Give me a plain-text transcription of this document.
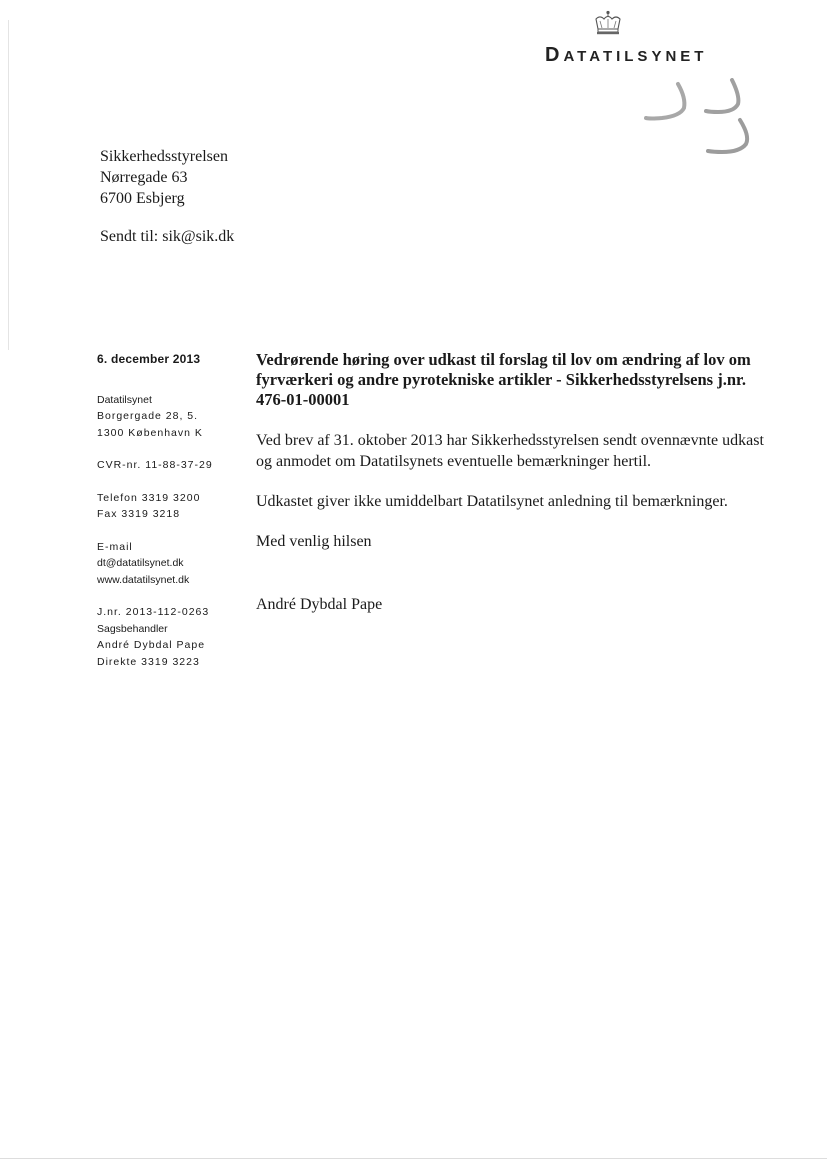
DATATILSYNET
Sikkerhedsstyrelsen
Nørregade 63
6700 Esbjerg
Sendt til: sik@sik.dk
6. december 2013
Datatilsynet
Borgergade 28, 5.
1300 København K
CVR-nr. 11-88-37-29
Telefon 3319 3200
Fax 3319 3218
E-mail
dt@datatilsynet.dk
www.datatilsynet.dk
J.nr. 2013-112-0263
Sagsbehandler
André Dybdal Pape
Direkte 3319 3223

Vedrørende høring over udkast til forslag til lov om ændring af lov om fyrværkeri og andre pyrotekniske artikler - Sikkerhedsstyrelsens j.nr. 476-01-00001

Ved brev af 31. oktober 2013 har Sikkerhedsstyrelsen sendt ovennævnte udkast og anmodet om Datatilsynets eventuelle bemærkninger hertil.

Udkastet giver ikke umiddelbart Datatilsynet anledning til bemærkninger.

Med venlig hilsen

André Dybdal Pape
